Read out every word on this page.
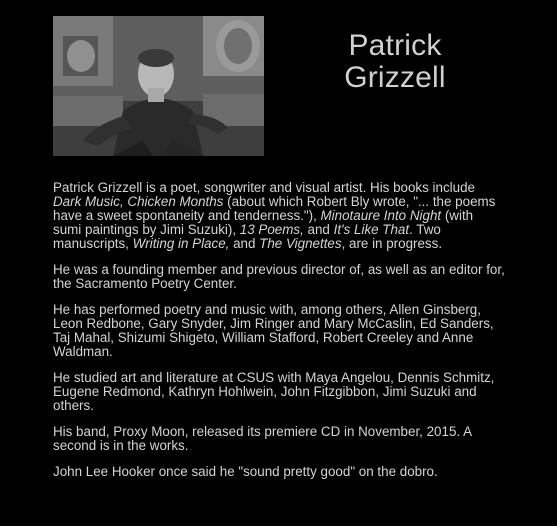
Patrick
Grizzell

Patrick Grizzell is a poet, songwriter and visual artist. His books include Dark Music, Chicken Months (about which Robert Bly wrote, "... the poems have a sweet spontaneity and tenderness."), Minotaure Into Night (with sumi paintings by Jimi Suzuki), 13 Poems, and It's Like That. Two manuscripts, Writing in Place, and The Vignettes, are in progress.

He was a founding member and previous director of, as well as an editor for, the Sacramento Poetry Center.

He has performed poetry and music with, among others, Allen Ginsberg, Leon Redbone, Gary Snyder, Jim Ringer and Mary McCaslin, Ed Sanders, Taj Mahal, Shizumi Shigeto, William Stafford, Robert Creeley and Anne Waldman.

He studied art and literature at CSUS with Maya Angelou, Dennis Schmitz, Eugene Redmond, Kathryn Hohlwein, John Fitzgibbon, Jimi Suzuki and others.

His band, Proxy Moon, released its premiere CD in November, 2015. A second is in the works.

John Lee Hooker once said he "sound pretty good" on the dobro.
